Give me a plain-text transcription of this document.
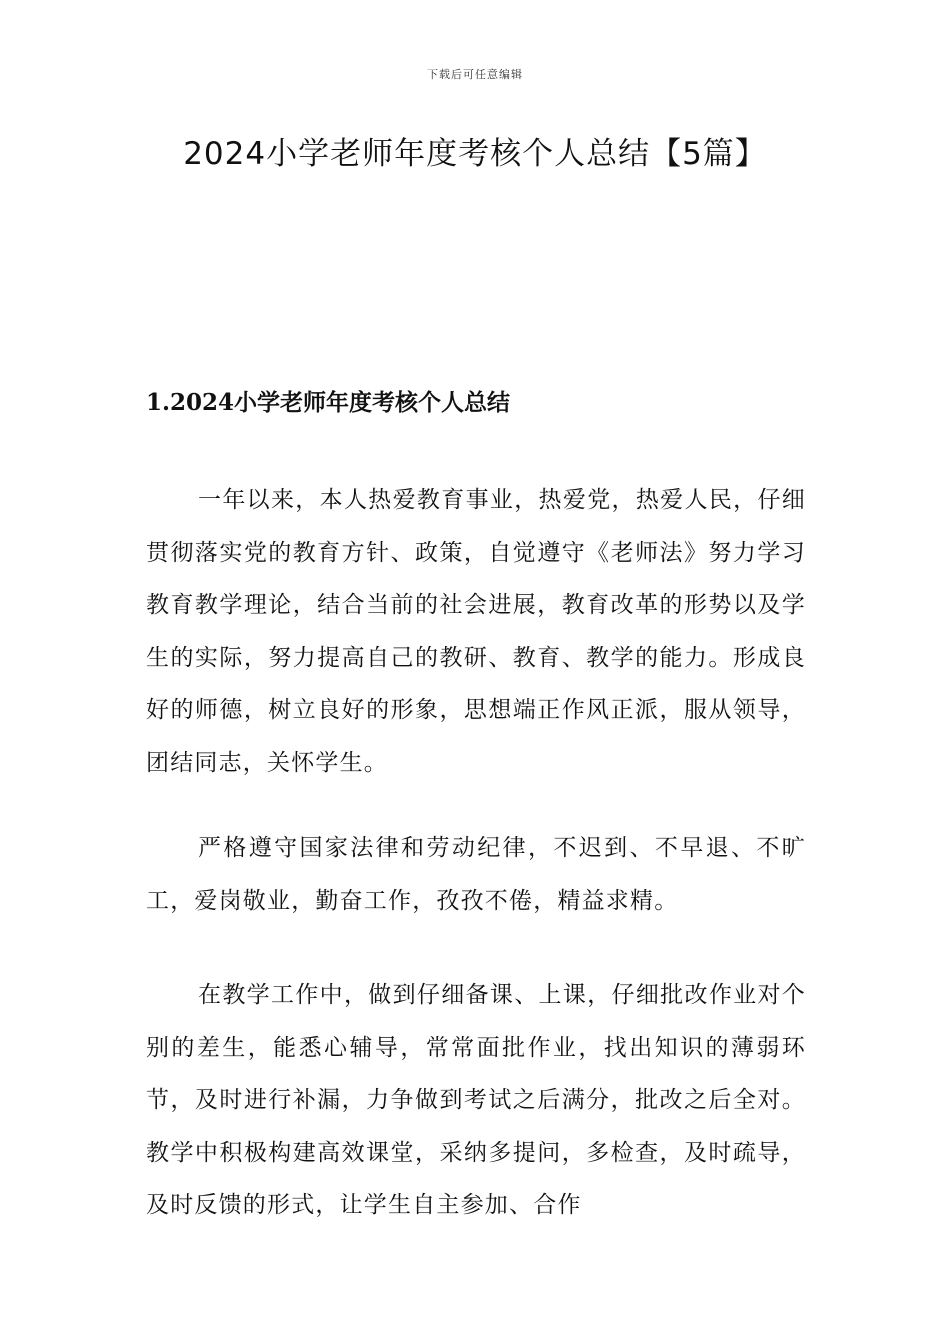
下载后可任意编辑
2024小学老师年度考核个人总结【5篇】
1.2024小学老师年度考核个人总结

一年以来，本人热爱教育事业，热爱党，热爱人民，仔细贯彻落实党的教育方针、政策，自觉遵守《老师法》努力学习教育教学理论，结合当前的社会进展，教育改革的形势以及学生的实际，努力提高自己的教研、教育、教学的能力。形成良好的师德，树立良好的形象，思想端正作风正派，服从领导，团结同志，关怀学生。

严格遵守国家法律和劳动纪律，不迟到、不早退、不旷工，爱岗敬业，勤奋工作，孜孜不倦，精益求精。

在教学工作中，做到仔细备课、上课，仔细批改作业对个别的差生，能悉心辅导，常常面批作业，找出知识的薄弱环节，及时进行补漏，力争做到考试之后满分，批改之后全对。教学中积极构建高效课堂，采纳多提问，多检查，及时疏导，及时反馈的形式，让学生自主参加、合作
